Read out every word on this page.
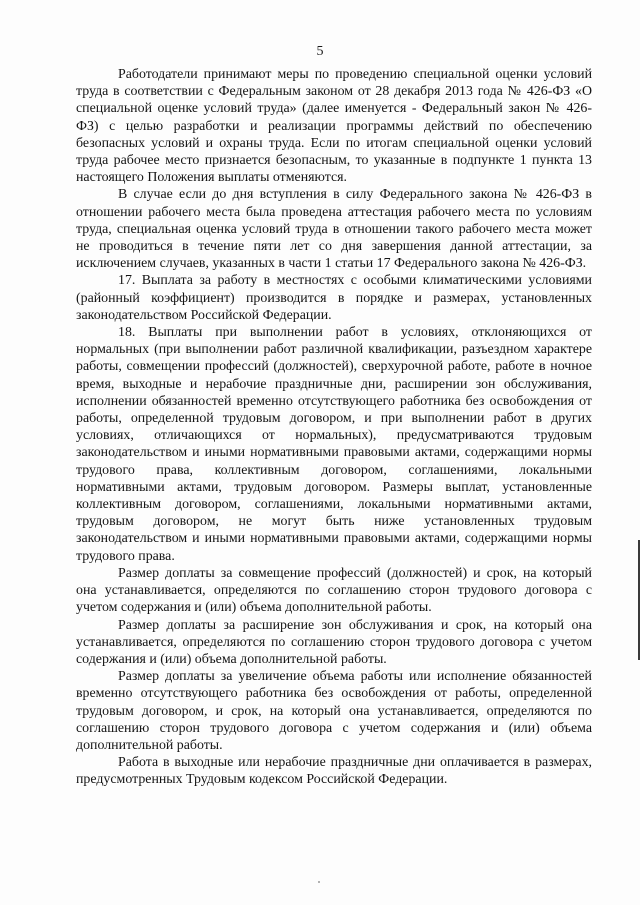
5

Работодатели принимают меры по проведению специальной оценки условий труда в соответствии с Федеральным законом от 28 декабря 2013 года № 426-ФЗ «О специальной оценке условий труда» (далее именуется - Федеральный закон № 426-ФЗ) с целью разработки и реализации программы действий по обеспечению безопасных условий и охраны труда. Если по итогам специальной оценки условий труда рабочее место признается безопасным, то указанные в подпункте 1 пункта 13 настоящего Положения выплаты отменяются.

В случае если до дня вступления в силу Федерального закона № 426-ФЗ в отношении рабочего места была проведена аттестация рабочего места по условиям труда, специальная оценка условий труда в отношении такого рабочего места может не проводиться в течение пяти лет со дня завершения данной аттестации, за исключением случаев, указанных в части 1 статьи 17 Федерального закона № 426-ФЗ.

17. Выплата за работу в местностях с особыми климатическими условиями (районный коэффициент) производится в порядке и размерах, установленных законодательством Российской Федерации.

18. Выплаты при выполнении работ в условиях, отклоняющихся от нормальных (при выполнении работ различной квалификации, разъездном характере работы, совмещении профессий (должностей), сверхурочной работе, работе в ночное время, выходные и нерабочие праздничные дни, расширении зон обслуживания, исполнении обязанностей временно отсутствующего работника без освобождения от работы, определенной трудовым договором, и при выполнении работ в других условиях, отличающихся от нормальных), предусматриваются трудовым законодательством и иными нормативными правовыми актами, содержащими нормы трудового права, коллективным договором, соглашениями, локальными нормативными актами, трудовым договором. Размеры выплат, установленные коллективным договором, соглашениями, локальными нормативными актами, трудовым договором, не могут быть ниже установленных трудовым законодательством и иными нормативными правовыми актами, содержащими нормы трудового права.

Размер доплаты за совмещение профессий (должностей) и срок, на который она устанавливается, определяются по соглашению сторон трудового договора с учетом содержания и (или) объема дополнительной работы.

Размер доплаты за расширение зон обслуживания и срок, на который она устанавливается, определяются по соглашению сторон трудового договора с учетом содержания и (или) объема дополнительной работы.

Размер доплаты за увеличение объема работы или исполнение обязанностей временно отсутствующего работника без освобождения от работы, определенной трудовым договором, и срок, на который она устанавливается, определяются по соглашению сторон трудового договора с учетом содержания и (или) объема дополнительной работы.

Работа в выходные или нерабочие праздничные дни оплачивается в размерах, предусмотренных Трудовым кодексом Российской Федерации.
